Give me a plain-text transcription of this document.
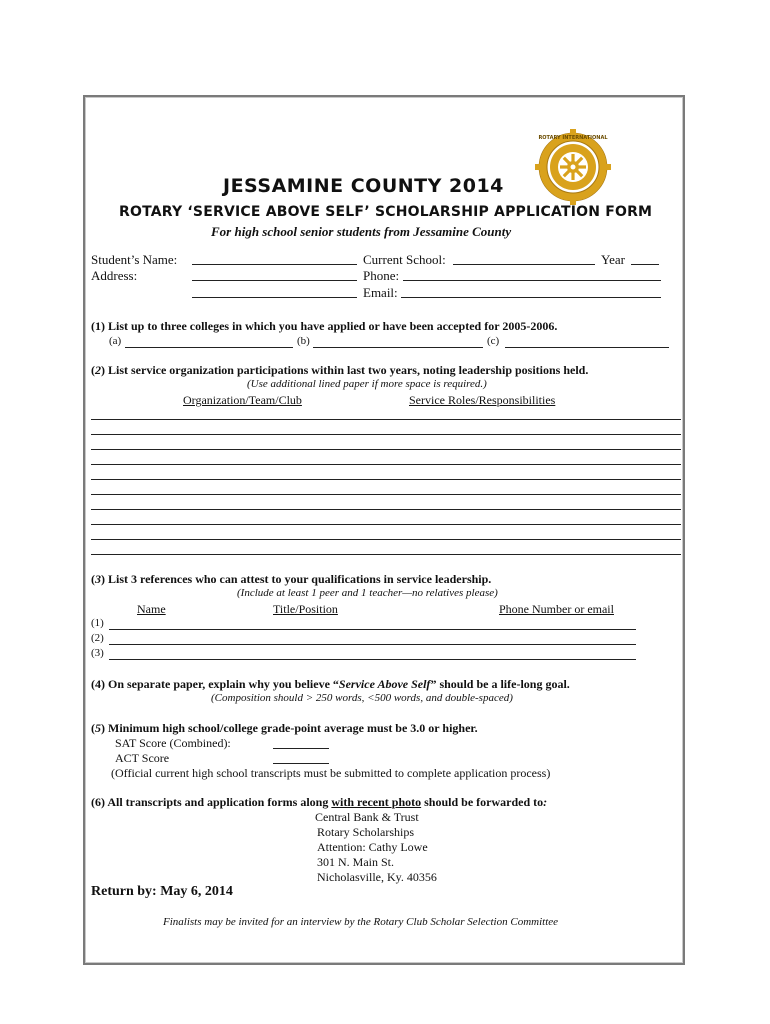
ROTARY INTERNATIONAL
JESSAMINE COUNTY 2014
ROTARY ‘SERVICE ABOVE SELF’ SCHOLARSHIP APPLICATION FORM
For high school senior students from Jessamine County
Student’s Name:	Current School:	Year
Address:	Phone:
Email:
(1) List up to three colleges in which you have applied or have been accepted for 2005-2006.
(a)	(b)	(c)
(2) List service organization participations within last two years, noting leadership positions held.
(Use additional lined paper if more space is required.)
Organization/Team/Club	Service Roles/Responsibilities
(3) List 3 references who can attest to your qualifications in service leadership.
(Include at least 1 peer and 1 teacher—no relatives please)
Name	Title/Position	Phone Number or email
(1)
(2)
(3)
(4) On separate paper, explain why you believe “Service Above Self” should be a life-long goal.
(Composition should > 250 words, <500 words, and double-spaced)
(5) Minimum high school/college grade-point average must be 3.0 or higher.
SAT Score (Combined):
ACT Score
(Official current high school transcripts must be submitted to complete application process)
(6) All transcripts and application forms along with recent photo should be forwarded to:
Central Bank & Trust
Rotary Scholarships
Attention: Cathy Lowe
301 N. Main St.
Nicholasville, Ky. 40356
Return by: May 6, 2014
Finalists may be invited for an interview by the Rotary Club Scholar Selection Committee
